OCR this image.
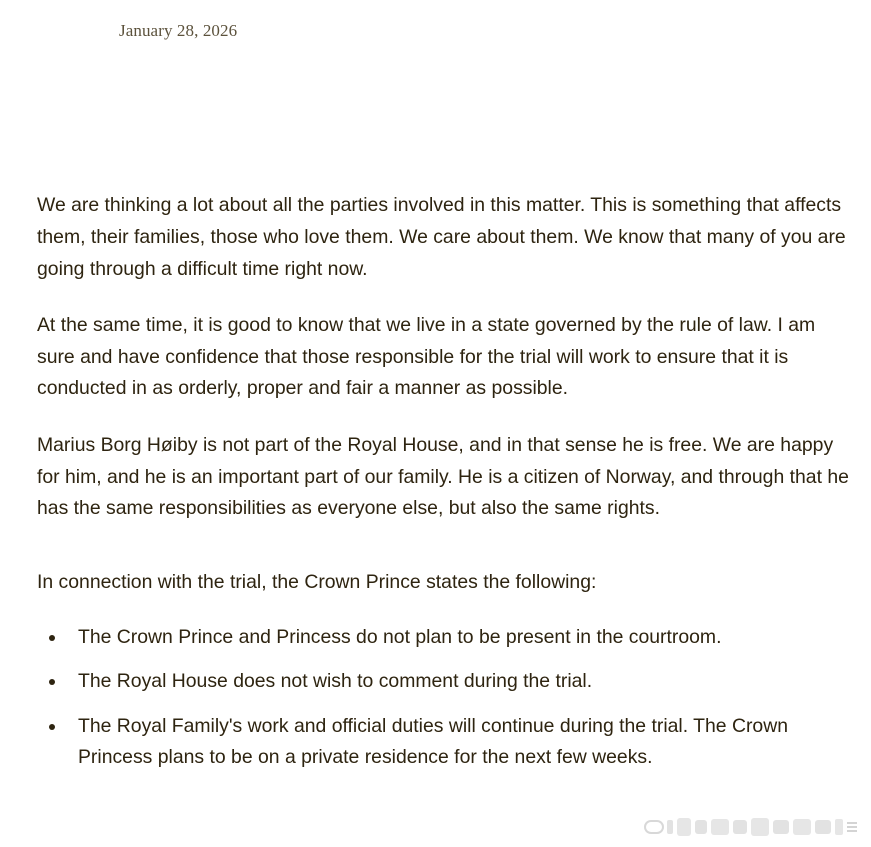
January 28, 2026

We are thinking a lot about all the parties involved in this matter. This is something that affects them, their families, those who love them. We care about them. We know that many of you are going through a difficult time right now.

At the same time, it is good to know that we live in a state governed by the rule of law. I am sure and have confidence that those responsible for the trial will work to ensure that it is conducted in as orderly, proper and fair a manner as possible.

Marius Borg Høiby is not part of the Royal House, and in that sense he is free. We are happy for him, and he is an important part of our family. He is a citizen of Norway, and through that he has the same responsibilities as everyone else, but also the same rights.

In connection with the trial, the Crown Prince states the following:

The Crown Prince and Princess do not plan to be present in the courtroom.
The Royal House does not wish to comment during the trial.
The Royal Family's work and official duties will continue during the trial. The Crown Princess plans to be on a private residence for the next few weeks.
